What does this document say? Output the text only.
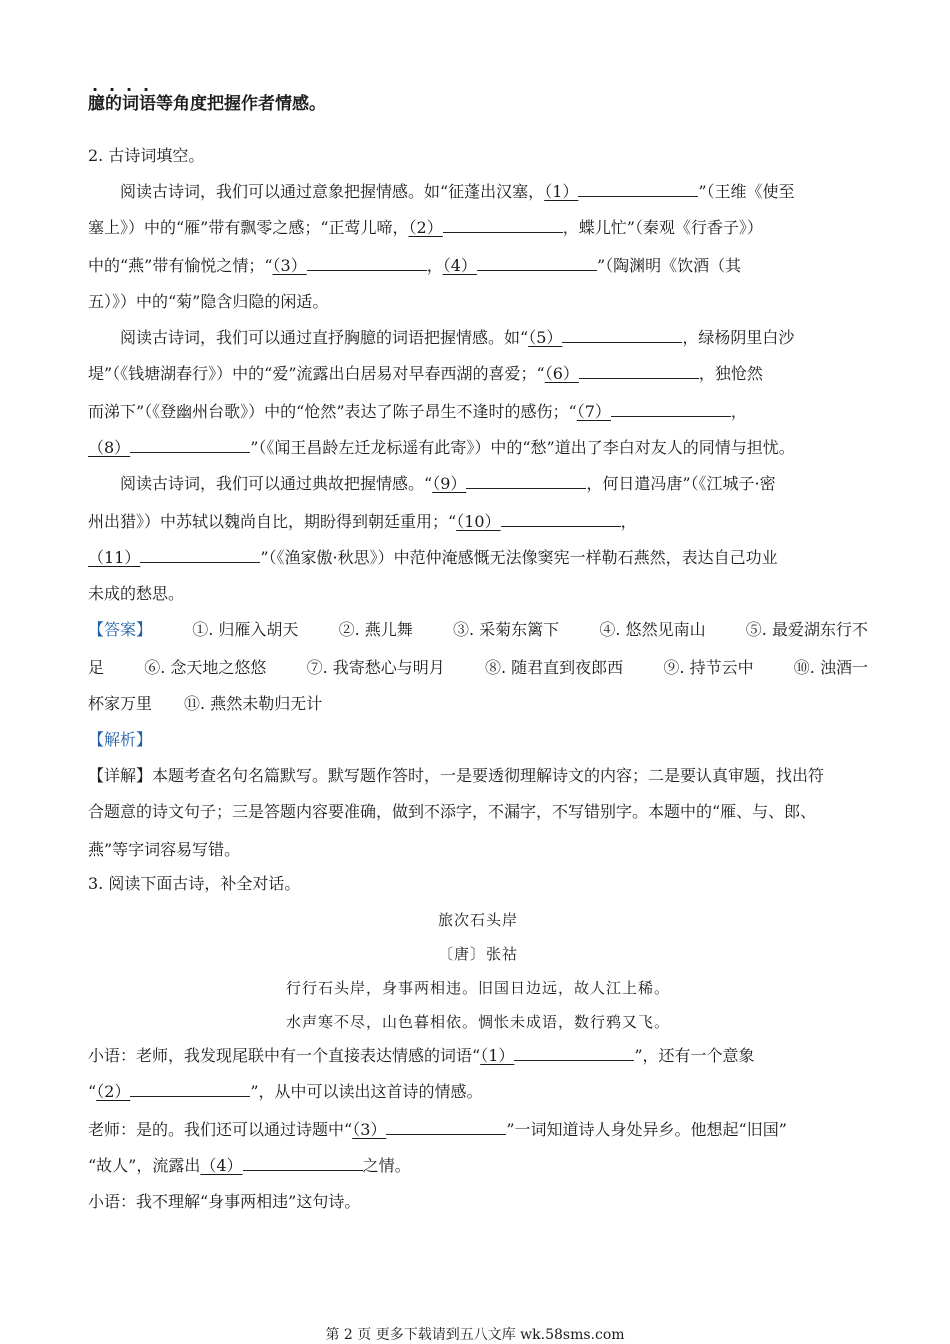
臆的词语等角度把握作者情感。
2. 古诗词填空。
阅读古诗词，我们可以通过意象把握情感。如“征蓬出汉塞，（1）	”（王维《使至
塞上》）中的“雁”带有飘零之感；“正莺儿啼，（2）	，蝶儿忙”（秦观《行香子》）
中的“燕”带有愉悦之情；“（3）	，（4）	”（陶渊明《饮酒（其
五）》）中的“菊”隐含归隐的闲适。
阅读古诗词，我们可以通过直抒胸臆的词语把握情感。如“（5）	，绿杨阴里白沙
堤”（《钱塘湖春行》）中的“爱”流露出白居易对早春西湖的喜爱；“（6）	，独怆然
而涕下”（《登幽州台歌》）中的“怆然”表达了陈子昂生不逢时的感伤；“（7）	，
（8）	”（《闻王昌龄左迁龙标遥有此寄》）中的“愁”道出了李白对友人的同情与担忧。
阅读古诗词，我们可以通过典故把握情感。“（9）	，何日遣冯唐”（《江城子·密
州出猎》）中苏轼以魏尚自比，期盼得到朝廷重用；“（10）	，
（11）	”（《渔家傲·秋思》）中范仲淹感慨无法像窦宪一样勒石燕然，表达自己功业
未成的愁思。
【答案】	①. 归雁入胡天	②. 燕儿舞	③. 采菊东篱下	④. 悠然见南山	⑤. 最爱湖东行不
足	⑥. 念天地之悠悠	⑦. 我寄愁心与明月	⑧. 随君直到夜郎西	⑨. 持节云中	⑩. 浊酒一
杯家万里 ⑪. 燕然未勒归无计
【解析】
【详解】本题考查名句名篇默写。默写题作答时，一是要透彻理解诗文的内容；二是要认真审题，找出符
合题意的诗文句子；三是答题内容要准确，做到不添字，不漏字，不写错别字。本题中的“雁、与、郎、
燕”等字词容易写错。
3. 阅读下面古诗，补全对话。
旅次石头岸
〔唐〕张祜
行行石头岸，身事两相违。旧国日边远，故人江上稀。
水声寒不尽，山色暮相依。惆怅未成语，数行鸦又飞。
小语：老师，我发现尾联中有一个直接表达情感的词语“（1）	”，还有一个意象
“（2）	”，从中可以读出这首诗的情感。
老师：是的。我们还可以通过诗题中“（3）	”一词知道诗人身处异乡。他想起“旧国”
“故人”，流露出（4）	之情。
小语：我不理解“身事两相违”这句诗。
第 2 页 更多下载请到五八文库 wk.58sms.com
